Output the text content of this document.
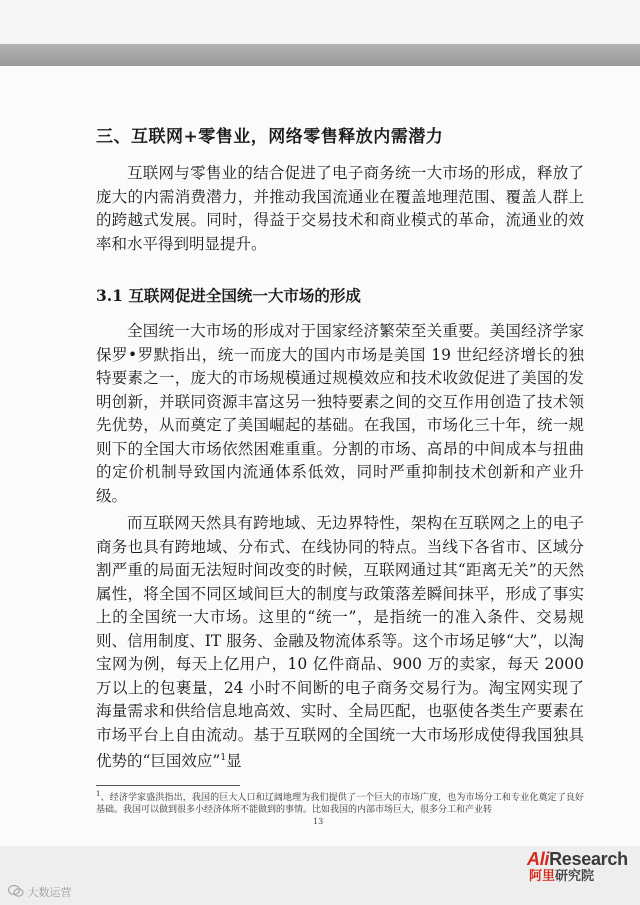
三、互联网+零售业，网络零售释放内需潜力

互联网与零售业的结合促进了电子商务统一大市场的形成，释放了庞大的内需消费潜力，并推动我国流通业在覆盖地理范围、覆盖人群上的跨越式发展。同时，得益于交易技术和商业模式的革命，流通业的效率和水平得到明显提升。

3.1 互联网促进全国统一大市场的形成

全国统一大市场的形成对于国家经济繁荣至关重要。美国经济学家保罗•罗默指出，统一而庞大的国内市场是美国 19 世纪经济增长的独特要素之一，庞大的市场规模通过规模效应和技术收敛促进了美国的发明创新，并联同资源丰富这另一独特要素之间的交互作用创造了技术领先优势，从而奠定了美国崛起的基础。在我国，市场化三十年，统一规则下的全国大市场依然困难重重。分割的市场、高昂的中间成本与扭曲的定价机制导致国内流通体系低效，同时严重抑制技术创新和产业升级。

而互联网天然具有跨地域、无边界特性，架构在互联网之上的电子商务也具有跨地域、分布式、在线协同的特点。当线下各省市、区域分割严重的局面无法短时间改变的时候，互联网通过其“距离无关”的天然属性，将全国不同区域间巨大的制度与政策落差瞬间抹平，形成了事实上的全国统一大市场。这里的“统一”，是指统一的准入条件、交易规则、信用制度、IT 服务、金融及物流体系等。这个市场足够“大”，以淘宝网为例，每天上亿用户，10 亿件商品、900 万的卖家，每天 2000 万以上的包裹量，24 小时不间断的电子商务交易行为。淘宝网实现了海量需求和供给信息地高效、实时、全局匹配，也驱使各类生产要素在市场平台上自由流动。基于互联网的全国统一大市场形成使得我国独具优势的“巨国效应”$^1$显

$^1$、经济学家盛洪指出，我国的巨大人口和辽阔地理为我们提供了一个巨大的市场广度，也为市场分工和专业化奠定了良好基础。我国可以做到很多小经济体所不能做到的事情。比如我国的内部市场巨大，很多分工和产业转

13
AliResearch
阿里研究院
大数运营
